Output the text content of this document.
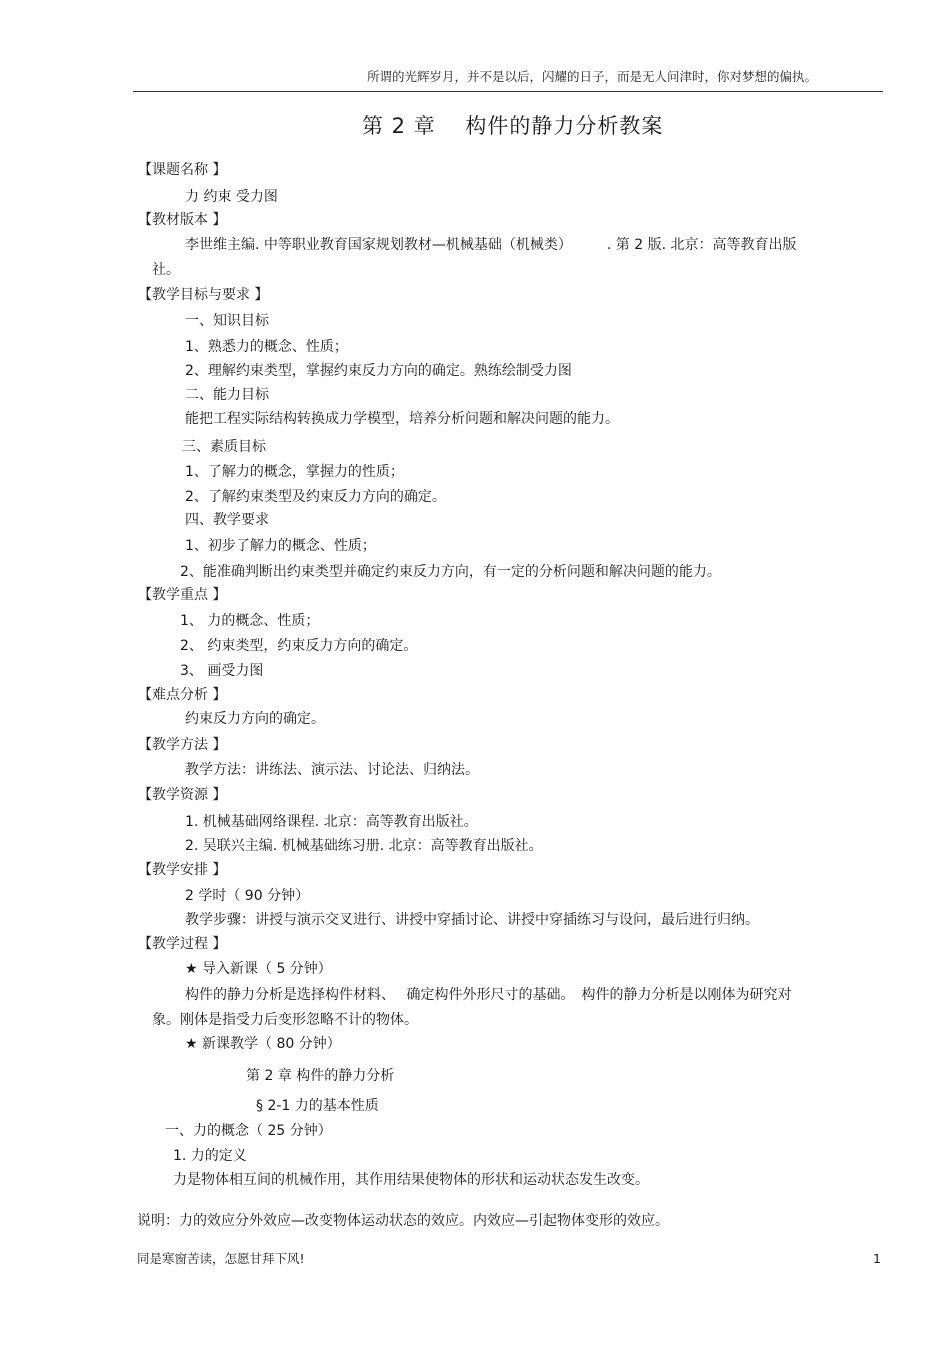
所谓的光辉岁月，并不是以后，闪耀的日子，而是无人问津时，你对梦想的偏执。
第 2 章　 构件的静力分析教案
【课题名称 】
力 约束 受力图
【教材版本 】
李世维主编. 中等职业教育国家规划教材—机械基础（机械类）　　　. 第 2 版. 北京：高等教育出版
社。
【教学目标与要求 】
一、知识目标
1、熟悉力的概念、性质；
2、理解约束类型，掌握约束反力方向的确定。熟练绘制受力图
二、能力目标
能把工程实际结构转换成力学模型，培养分析问题和解决问题的能力。
三、素质目标
1、了解力的概念，掌握力的性质；
2、了解约束类型及约束反力方向的确定。
四、教学要求
1、初步了解力的概念、性质；
2、能准确判断出约束类型并确定约束反力方向，有一定的分析问题和解决问题的能力。
【教学重点 】
1、 力的概念、性质；
2、 约束类型，约束反力方向的确定。
3、 画受力图
【难点分析 】
约束反力方向的确定。
【教学方法 】
教学方法：讲练法、演示法、讨论法、归纳法。
【教学资源 】
1. 机械基础网络课程. 北京：高等教育出版社。
2. 吴联兴主编. 机械基础练习册. 北京：高等教育出版社。
【教学安排 】
2 学时（ 90 分钟）
教学步骤：讲授与演示交叉进行、讲授中穿插讨论、讲授中穿插练习与设问，最后进行归纳。
【教学过程 】
★ 导入新课（ 5 分钟）
构件的静力分析是选择构件材料、　 确定构件外形尺寸的基础。　构件的静力分析是以刚体为研究对
象。刚体是指受力后变形忽略不计的物体。
★ 新课教学（ 80 分钟）
第 2 章 构件的静力分析
§ 2-1 力的基本性质
一、力的概念（ 25 分钟）
1. 力的定义
力是物体相互间的机械作用，其作用结果使物体的形状和运动状态发生改变。
说明：力的效应分外效应—改变物体运动状态的效应。内效应—引起物体变形的效应。
同是寒窗苦读，怎愿甘拜下风!	1
